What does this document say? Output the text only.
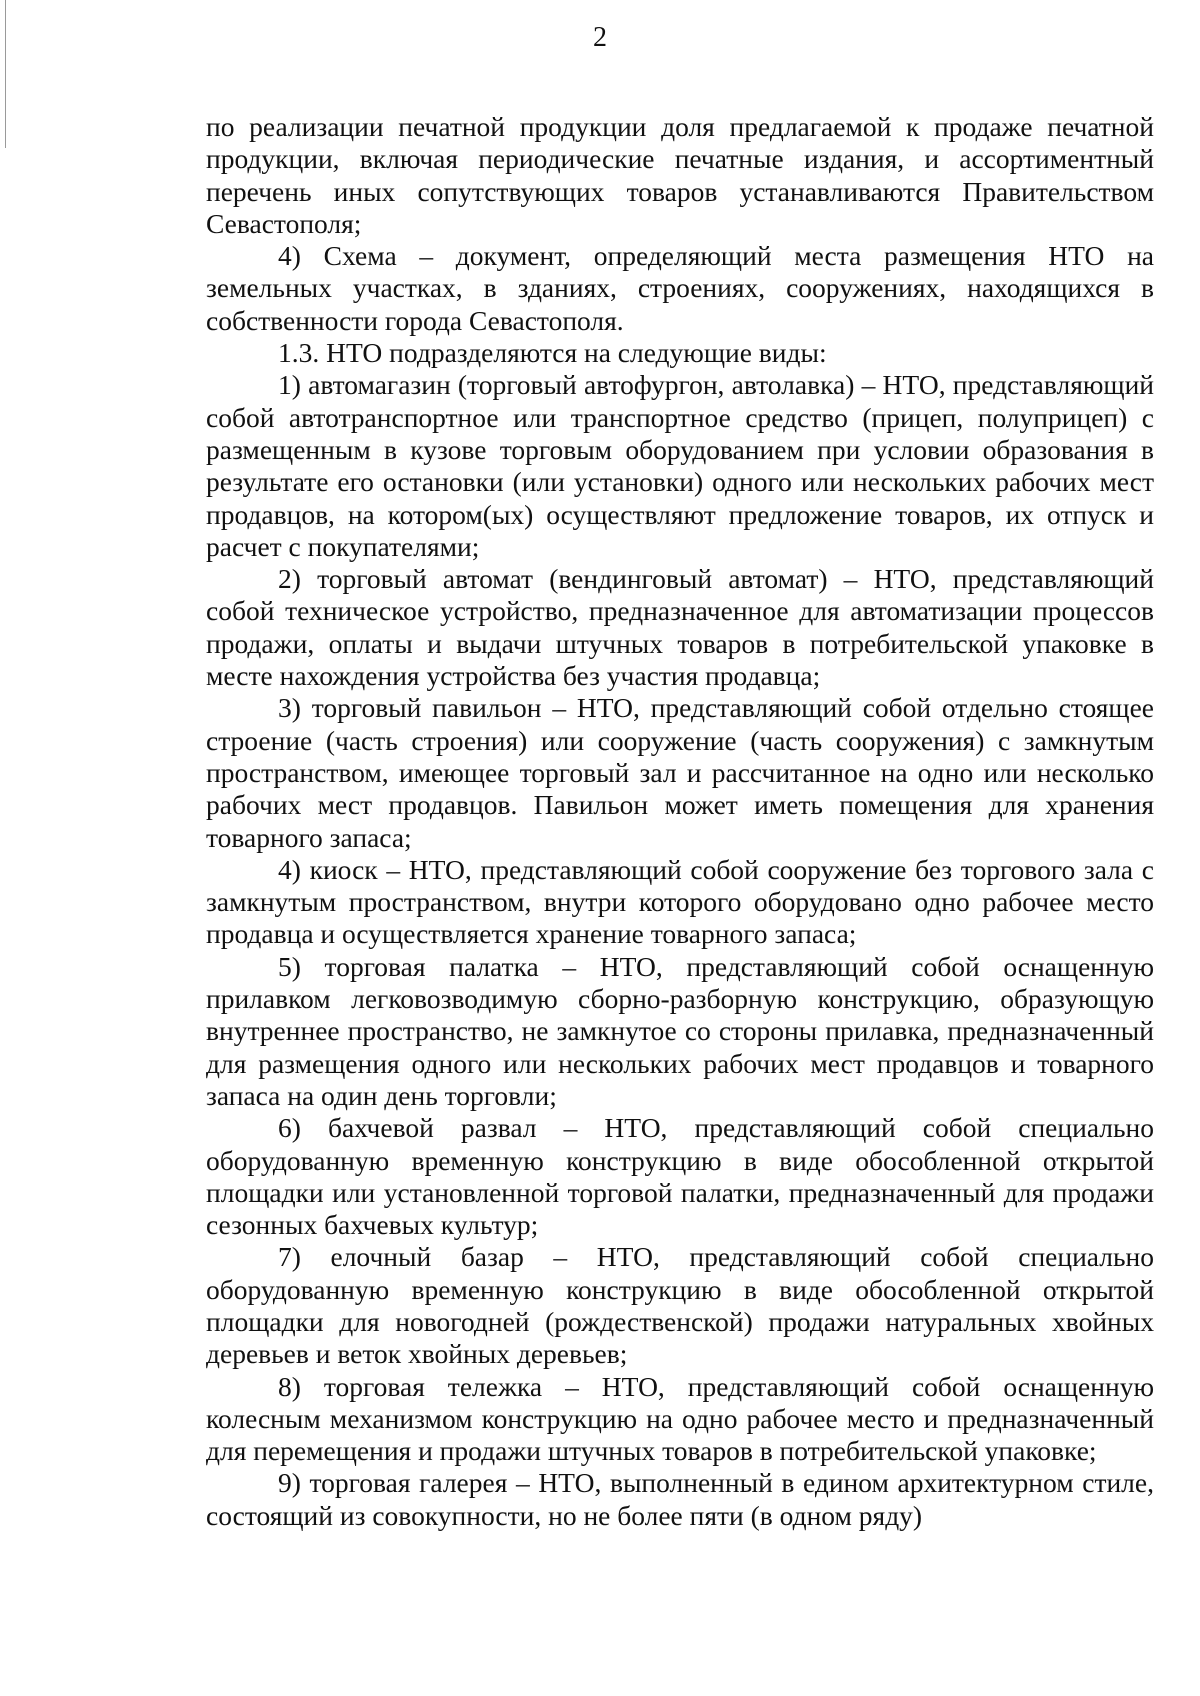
2

по реализации печатной продукции доля предлагаемой к продаже печатной продукции, включая периодические печатные издания, и ассортиментный перечень иных сопутствующих товаров устанавливаются Правительством Севастополя;

4) Схема – документ, определяющий места размещения НТО на земельных участках, в зданиях, строениях, сооружениях, находящихся в собственности города Севастополя.

1.3. НТО подразделяются на следующие виды:

1) автомагазин (торговый автофургон, автолавка) – НТО, представляющий собой автотранспортное или транспортное средство (прицеп, полуприцеп) с размещенным в кузове торговым оборудованием при условии образования в результате его остановки (или установки) одного или нескольких рабочих мест продавцов, на котором(ых) осуществляют предложение товаров, их отпуск и расчет с покупателями;

2) торговый автомат (вендинговый автомат) – НТО, представляющий собой техническое устройство, предназначенное для автоматизации процессов продажи, оплаты и выдачи штучных товаров в потребительской упаковке в месте нахождения устройства без участия продавца;

3) торговый павильон – НТО, представляющий собой отдельно стоящее строение (часть строения) или сооружение (часть сооружения) с замкнутым пространством, имеющее торговый зал и рассчитанное на одно или несколько рабочих мест продавцов. Павильон может иметь помещения для хранения товарного запаса;

4) киоск – НТО, представляющий собой сооружение без торгового зала с замкнутым пространством, внутри которого оборудовано одно рабочее место продавца и осуществляется хранение товарного запаса;

5) торговая палатка – НТО, представляющий собой оснащенную прилавком легковозводимую сборно-разборную конструкцию, образующую внутреннее пространство, не замкнутое со стороны прилавка, предназначенный для размещения одного или нескольких рабочих мест продавцов и товарного запаса на один день торговли;

6) бахчевой развал – НТО, представляющий собой специально оборудованную временную конструкцию в виде обособленной открытой площадки или установленной торговой палатки, предназначенный для продажи сезонных бахчевых культур;

7) елочный базар – НТО, представляющий собой специально оборудованную временную конструкцию в виде обособленной открытой площадки для новогодней (рождественской) продажи натуральных хвойных деревьев и веток хвойных деревьев;

8) торговая тележка – НТО, представляющий собой оснащенную колесным механизмом конструкцию на одно рабочее место и предназначенный для перемещения и продажи штучных товаров в потребительской упаковке;

9) торговая галерея – НТО, выполненный в едином архитектурном стиле, состоящий из совокупности, но не более пяти (в одном ряду)
